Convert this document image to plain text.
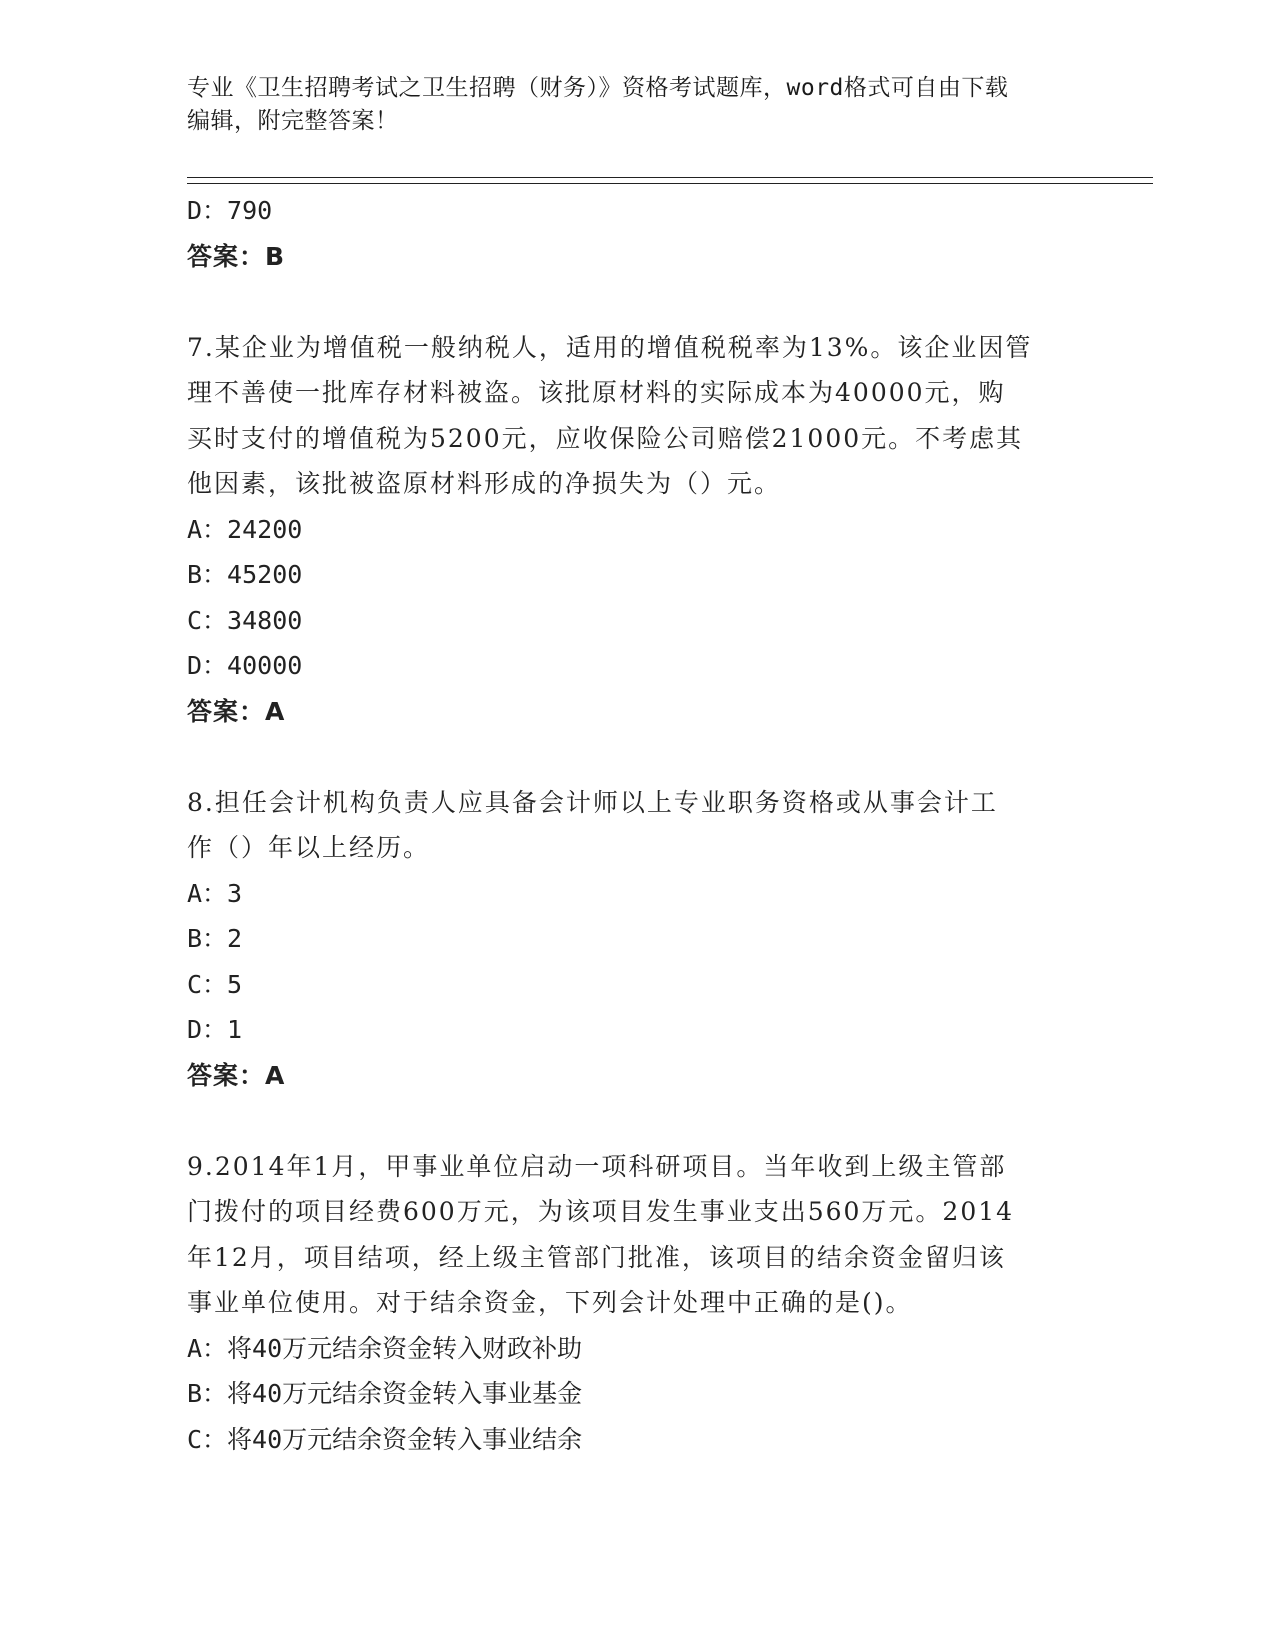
专业《卫生招聘考试之卫生招聘（财务）》资格考试题库，word格式可自由下载
编辑，附完整答案！
D：790
答案：B
7.某企业为增值税一般纳税人，适用的增值税税率为13%。该企业因管
理不善使一批库存材料被盗。该批原材料的实际成本为40000元，购
买时支付的增值税为5200元，应收保险公司赔偿21000元。不考虑其
他因素，该批被盗原材料形成的净损失为（）元。
A：24200
B：45200
C：34800
D：40000
答案：A
8.担任会计机构负责人应具备会计师以上专业职务资格或从事会计工
作（）年以上经历。
A：3
B：2
C：5
D：1
答案：A
9.2014年1月，甲事业单位启动一项科研项目。当年收到上级主管部
门拨付的项目经费600万元，为该项目发生事业支出560万元。2014
年12月，项目结项，经上级主管部门批准，该项目的结余资金留归该
事业单位使用。对于结余资金，下列会计处理中正确的是()。
A：将40万元结余资金转入财政补助
B：将40万元结余资金转入事业基金
C：将40万元结余资金转入事业结余
